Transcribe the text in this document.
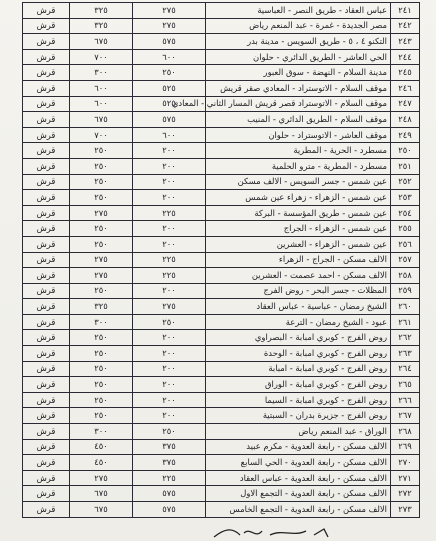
٢٤١	عباس العقاد - طريق النصر - العباسية	٢٧٥	٣٢٥	قرش
٢٤٢	مصر الجديدة - غمرة - عبد المنعم رياض	٢٧٥	٣٢٥	قرش
٢٤٣	التكنو ٤ ، ٥ - طريق السويس - مدينة بدر	٥٧٥	٦٧٥	قرش
٢٤٤	الحي العاشر - الطريق الدائري - حلوان	٦٠٠	٧٠٠	قرش
٢٤٥	مدينة السلام - النهضة - سوق العبور	٢٥٠	٣٠٠	قرش
٢٤٦	موقف السلام - الاتوستراد - المعادي صقر قريش	٥٢٥	٦٠٠	قرش
٢٤٧	موقف السلام - الاتوستراد قصر قريش المسار الثاني - المعادي	٥٢٥	٦٠٠	قرش
٢٤٨	موقف السلام - الطريق الدائري - المنيب	٥٧٥	٦٧٥	قرش
٢٤٩	موقف العاشر - الاتوستراد - حلوان	٦٠٠	٧٠٠	قرش
٢٥٠	مسطرد - الحرية - المطرية	٢٠٠	٢٥٠	قرش
٢٥١	مسطرد - المطرية - مترو الحلمية	٢٠٠	٢٥٠	قرش
٢٥٢	عين شمس - جسر السويس - الالف مسكن	٢٠٠	٢٥٠	قرش
٢٥٣	عين شمس - الزهراء - زهراء عين شمس	٢٠٠	٢٥٠	قرش
٢٥٤	عين شمس - طريق المؤسسة - البركة	٢٢٥	٢٧٥	قرش
٢٥٥	عين شمس - الزهراء - الجراج	٢٠٠	٢٥٠	قرش
٢٥٦	عين شمس - الزهراء - العشرين	٢٠٠	٢٥٠	قرش
٢٥٧	الالف مسكن - الجراج - الزهراء	٢٢٥	٢٧٥	قرش
٢٥٨	الالف مسكن - احمد عصمت - العشرين	٢٢٥	٢٧٥	قرش
٢٥٩	المظلات - جسر البحر - روض الفرج	٢٠٠	٢٥٠	قرش
٢٦٠	الشيخ رمضان - عباسية - عباس العقاد	٢٧٥	٣٢٥	قرش
٢٦١	عبود - الشيخ رمضان - الترعة	٢٥٠	٣٠٠	قرش
٢٦٢	روض الفرج - كوبري امبابة - البصراوي	٢٠٠	٢٥٠	قرش
٢٦٣	روض الفرج - كوبري امبابة - الوحدة	٢٠٠	٢٥٠	قرش
٢٦٤	روض الفرج - كوبري امبابة - امبابة	٢٠٠	٢٥٠	قرش
٢٦٥	روض الفرج - كوبري امبابة - الوراق	٢٠٠	٢٥٠	قرش
٢٦٦	روض الفرج - كوبري امبابة - السيما	٢٠٠	٢٥٠	قرش
٢٦٧	روض الفرج - جزيرة بدران - السبتية	٢٠٠	٢٥٠	قرش
٢٦٨	الوراق - عبد المنعم رياض	٢٥٠	٣٠٠	قرش
٢٦٩	الالف مسكن - رابعة العدوية - مكرم عبيد	٣٧٥	٤٥٠	قرش
٢٧٠	الالف مسكن - رابعة العدوية - الحي السابع	٣٧٥	٤٥٠	قرش
٢٧١	الالف مسكن - رابعة العدوية - عباس العقاد	٢٢٥	٢٧٥	قرش
٢٧٢	الالف مسكن - رابعة العدوية - التجمع الاول	٥٧٥	٦٧٥	قرش
٢٧٣	الالف مسكن - رابعة العدوية - التجمع الخامس	٥٧٥	٦٧٥	قرش
